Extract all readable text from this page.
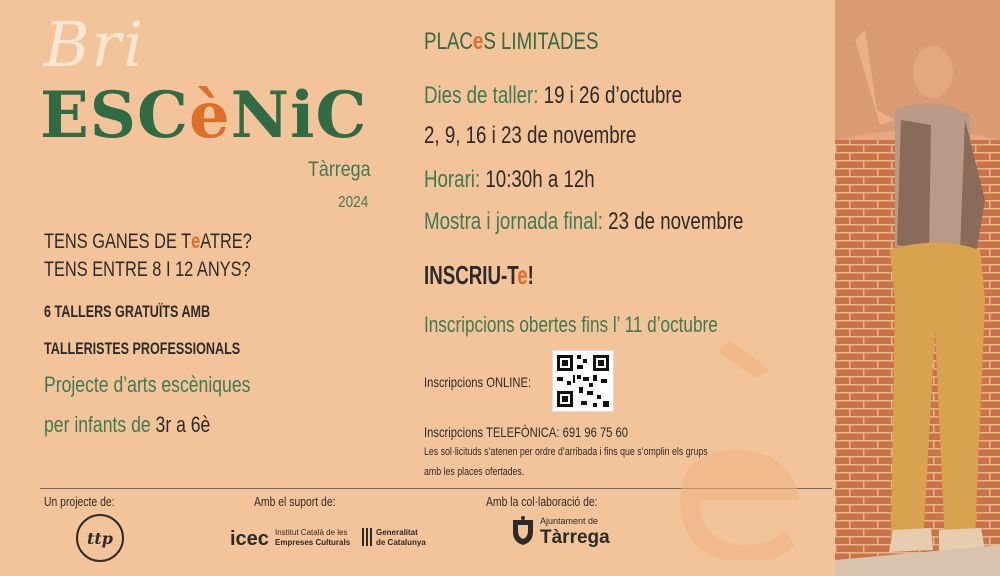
Bri
ESCèNiC
Tàrrega
2024
TENS GANES DE TeATRE?
TENS ENTRE 8 I 12 ANYS?
6 TALLERS GRATUÏTS AMB
TALLERISTES PROFESSIONALS
Projecte d’arts escèniques
per infants de 3r a 6è
PLACeS LIMITADES
Dies de taller: 19 i 26 d’octubre
2, 9, 16 i 23 de novembre
Horari: 10:30h a 12h
Mostra i jornada final: 23 de novembre
INSCRIU-Te!
Inscripcions obertes fins l’ 11 d’octubre
Inscripcions ONLINE:
Inscripcions TELEFÒNICA: 691 96 75 60
Les sol·licituds s’atenen per ordre d’arribada i fins que s’omplin els grups
amb les places ofertades.
Un projecte de:	Amb el suport de:	Amb la col·laboració de:
ttp	icec Institut Català de les
Empreses Culturals
Generalitat
de Catalunya
Ajuntament de
Tàrrega
